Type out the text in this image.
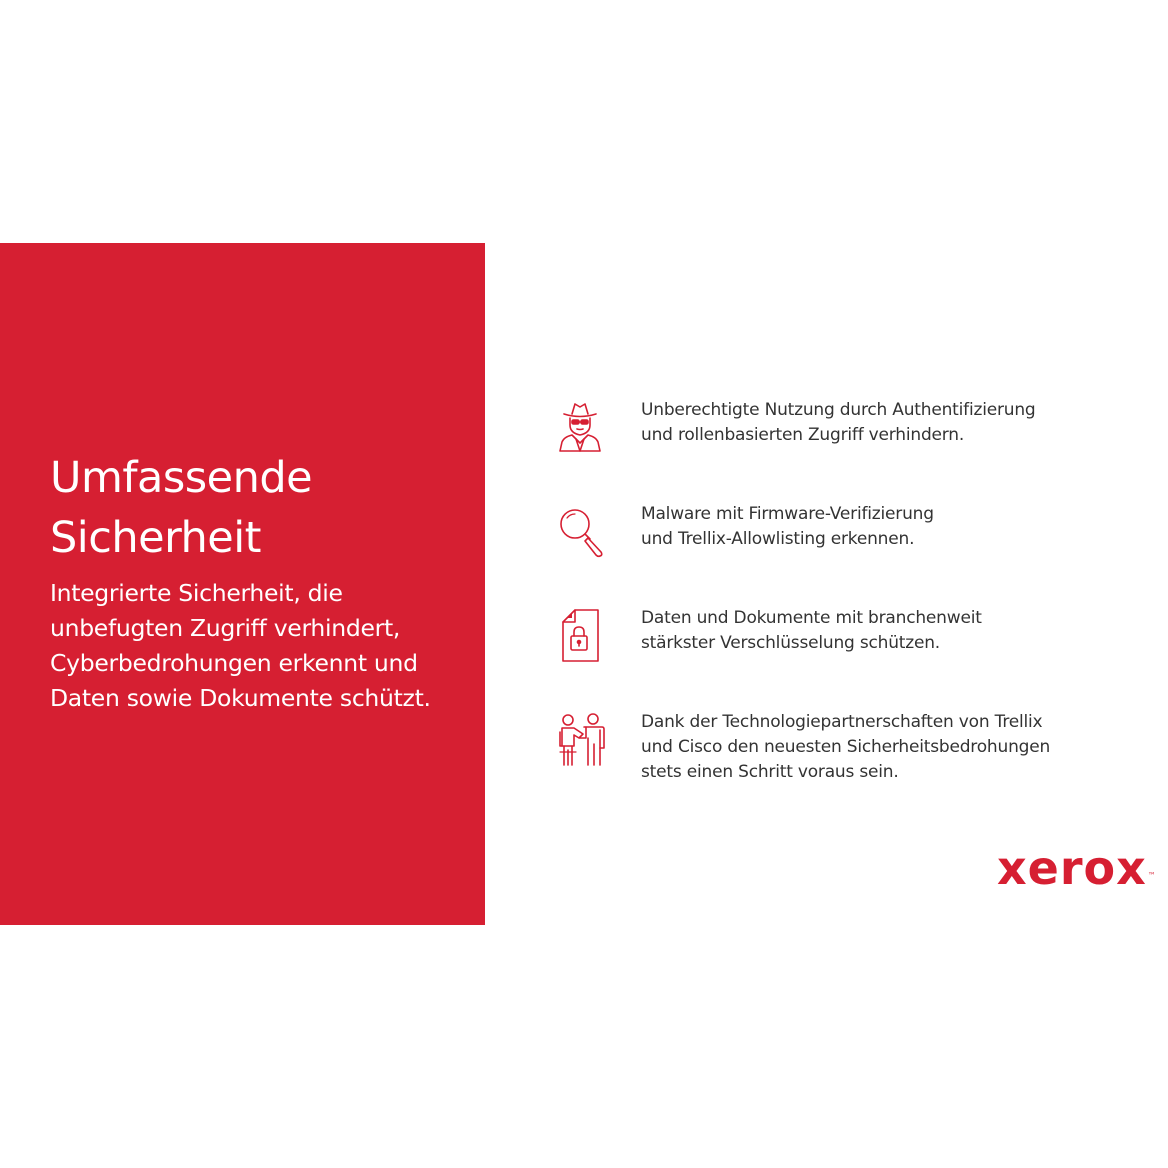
Umfassende
Sicherheit
Integrierte Sicherheit, die
unbefugten Zugriff verhindert,
Cyberbedrohungen erkennt und
Daten sowie Dokumente schützt.
Unberechtigte Nutzung durch Authentifizierung
und rollenbasierten Zugriff verhindern.
Malware mit Firmware-Verifizierung
und Trellix-Allowlisting erkennen.
Daten und Dokumente mit branchenweit
stärkster Verschlüsselung schützen.
Dank der Technologiepartnerschaften von Trellix
und Cisco den neuesten Sicherheitsbedrohungen
stets einen Schritt voraus sein.
xerox™
